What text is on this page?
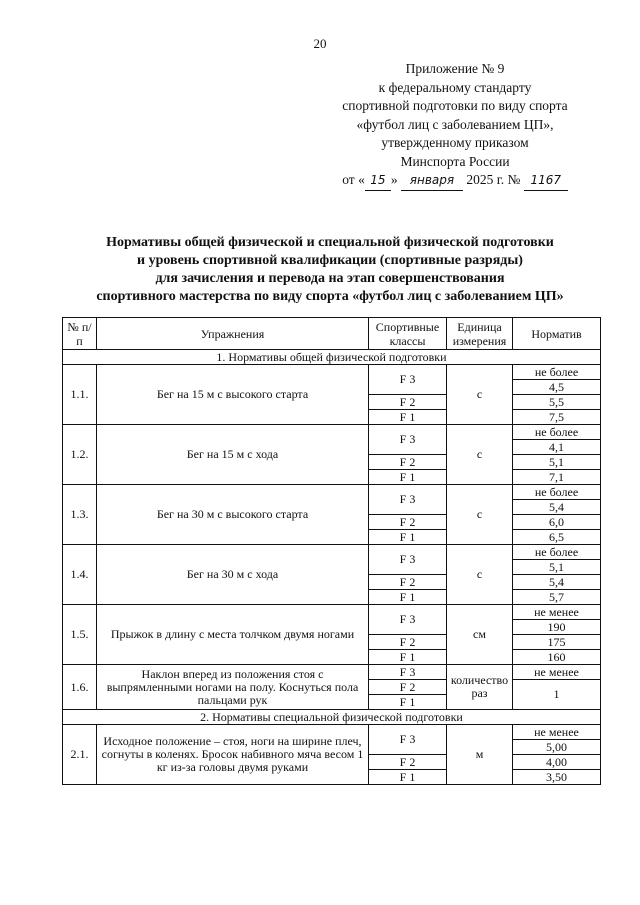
20
Приложение № 9
к федеральному стандарту
спортивной подготовки по виду спорта
«футбол лиц с заболеванием ЦП»,
утвержденному приказом
Минспорта России
от « 15 » января 2025 г. № 1167
Нормативы общей физической и специальной физической подготовки
и уровень спортивной квалификации (спортивные разряды)
для зачисления и перевода на этап совершенствования
спортивного мастерства по виду спорта «футбол лиц с заболеванием ЦП»
№ п/п	Упражнения	Спортивные классы	Единица измерения	Норматив
1. Нормативы общей физической подготовки				
1.1.	Бег на 15 м с высокого старта	F 3	с	не более
				4,5
		F 2		5,5
		F 1		7,5
1.2.	Бег на 15 м с хода	F 3	с	не более
				4,1
		F 2		5,1
		F 1		7,1
1.3.	Бег на 30 м с высокого старта	F 3	с	не более
				5,4
		F 2		6,0
		F 1		6,5
1.4.	Бег на 30 м с хода	F 3	с	не более
				5,1
		F 2		5,4
		F 1		5,7
1.5.	Прыжок в длину с места толчком двумя ногами	F 3	см	не менее
				190
		F 2		175
		F 1		160
1.6.	Наклон вперед из положения стоя с выпрямленными ногами на полу. Коснуться пола пальцами рук	F 3	количество раз	не менее
				1
		F 2		
		F 1		
2. Нормативы специальной физической подготовки				
2.1.	Исходное положение – стоя, ноги на ширине плеч, согнуты в коленях. Бросок набивного мяча весом 1 кг из-за головы двумя руками	F 3	м	не менее
				5,00
		F 2		4,00
		F 1		3,50
